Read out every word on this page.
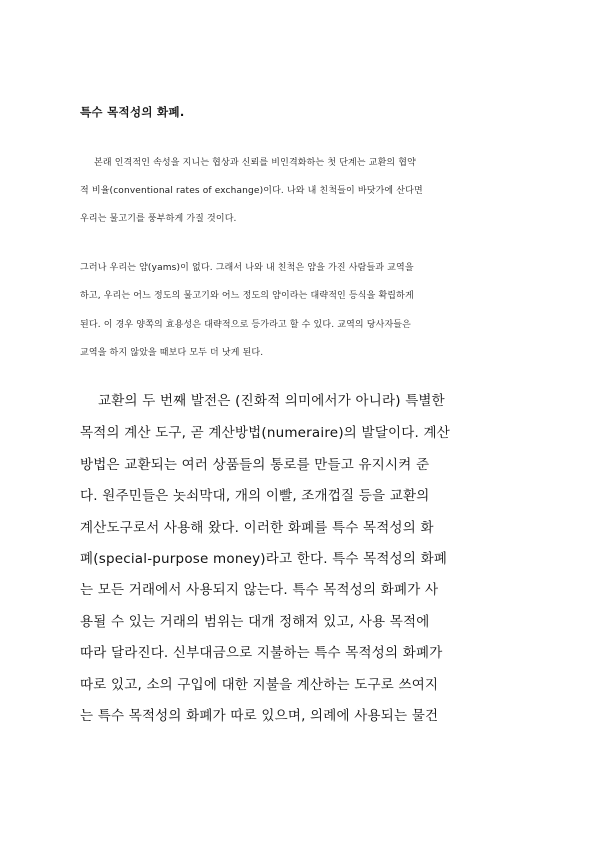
특수 목적성의 화폐.
본래 인격적인 속성을 지니는 협상과 신뢰를 비인격화하는 첫 단계는 교환의 협약
적 비율(conventional rates of exchange)이다. 나와 내 친척들이 바닷가에 산다면
우리는 물고기를 풍부하게 가질 것이다.
그러나 우리는 얌(yams)이 없다. 그래서 나와 내 친척은 얌을 가진 사람들과 교역을
하고, 우리는 어느 정도의 물고기와 어느 정도의 얌이라는 대략적인 등식을 확립하게
된다. 이 경우 양쪽의 효용성은 대략적으로 등가라고 할 수 있다. 교역의 당사자들은
교역을 하지 않았을 때보다 모두 더 낫게 된다.
교환의 두 번째 발전은 (진화적 의미에서가 아니라) 특별한
목적의 계산 도구, 곧 계산방법(numeraire)의 발달이다. 계산
방법은 교환되는 여러 상품들의 통로를 만들고 유지시켜 준
다. 원주민들은 놋쇠막대, 개의 이빨, 조개껍질 등을 교환의
계산도구로서 사용해 왔다. 이러한 화폐를 특수 목적성의 화
폐(special-purpose money)라고 한다. 특수 목적성의 화폐
는 모든 거래에서 사용되지 않는다. 특수 목적성의 화폐가 사
용될 수 있는 거래의 범위는 대개 정해져 있고, 사용 목적에
따라 달라진다. 신부대금으로 지불하는 특수 목적성의 화폐가
따로 있고, 소의 구입에 대한 지불을 계산하는 도구로 쓰여지
는 특수 목적성의 화폐가 따로 있으며, 의례에 사용되는 물건
